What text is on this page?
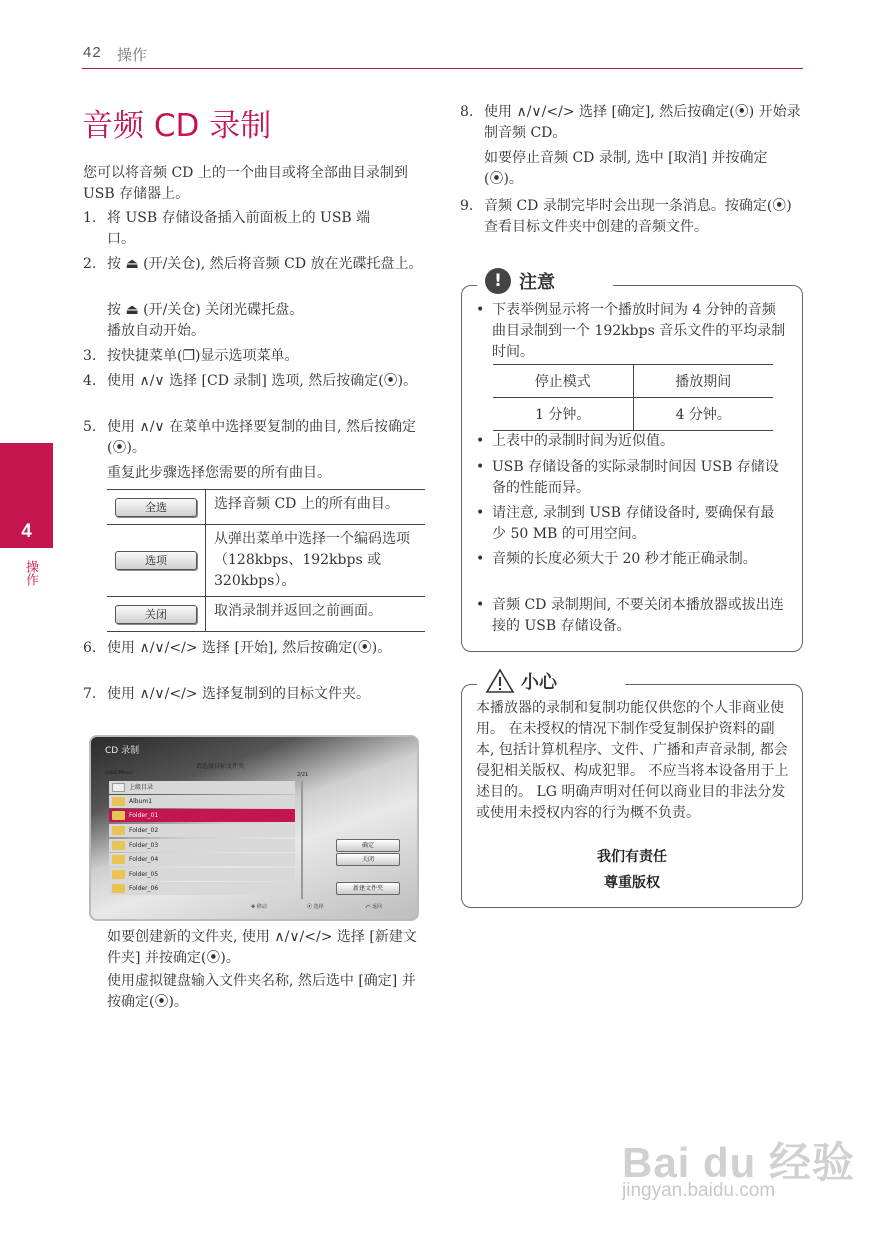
42 操作
4
操作
音频 CD 录制
您可以将音频 CD 上的一个曲目或将全部曲目录制到 USB 存储器上。
1. 将 USB 存储设备插入前面板上的 USB 端口。
2. 按 ⏏ (开/关仓), 然后将音频 CD 放在光碟托盘上。
按 ⏏ (开/关仓) 关闭光碟托盘。
播放自动开始。
3. 按快捷菜单(❐)显示选项菜单。
4. 使用 ∧/∨ 选择 [CD 录制] 选项, 然后按确定(⦿)。
5. 使用 ∧/∨ 在菜单中选择要复制的曲目, 然后按确定(⦿)。
重复此步骤选择您需要的所有曲目。
全选	选择音频 CD 上的所有曲目。
选项	从弹出菜单中选择一个编码选项（128kbps、192kbps 或 320kbps）。
关闭	取消录制并返回之前画面。
6. 使用 ∧/∨/</> 选择 [开始], 然后按确定(⦿)。
7. 使用 ∧/∨/</> 选择复制到的目标文件夹。
CD 录制
请选择目标文件夹
usb1/Music	2/21
上级目录
Album1
Folder_01
Folder_02
Folder_03
Folder_04
Folder_05
Folder_06
确定
关闭
新建文件夹
✥ 移动	⦿ 选择	⤺ 返回
如要创建新的文件夹, 使用 ∧/∨/</> 选择 [新建文件夹] 并按确定(⦿)。
使用虚拟键盘输入文件夹名称, 然后选中 [确定] 并按确定(⦿)。
8. 使用 ∧/∨/</> 选择 [确定], 然后按确定(⦿) 开始录制音频 CD。
如要停止音频 CD 录制, 选中 [取消] 并按确定(⦿)。
9. 音频 CD 录制完毕时会出现一条消息。按确定(⦿)查看目标文件夹中创建的音频文件。
! 注意
• 下表举例显示将一个播放时间为 4 分钟的音频曲目录制到一个 192kbps 音乐文件的平均录制时间。
停止模式	播放期间
1 分钟。	4 分钟。
• 上表中的录制时间为近似值。
• USB 存储设备的实际录制时间因 USB 存储设备的性能而异。
• 请注意, 录制到 USB 存储设备时, 要确保有最少 50 MB 的可用空间。
• 音频的长度必须大于 20 秒才能正确录制。
• 音频 CD 录制期间, 不要关闭本播放器或拔出连接的 USB 存储设备。
小心
本播放器的录制和复制功能仅供您的个人非商业使用。 在未授权的情况下制作受复制保护资料的副本, 包括计算机程序、文件、广播和声音录制, 都会侵犯相关版权、构成犯罪。 不应当将本设备用于上述目的。 LG 明确声明对任何以商业目的非法分发或使用未授权内容的行为概不负责。
我们有责任
尊重版权
Bai du 经验
jingyan.baidu.com
